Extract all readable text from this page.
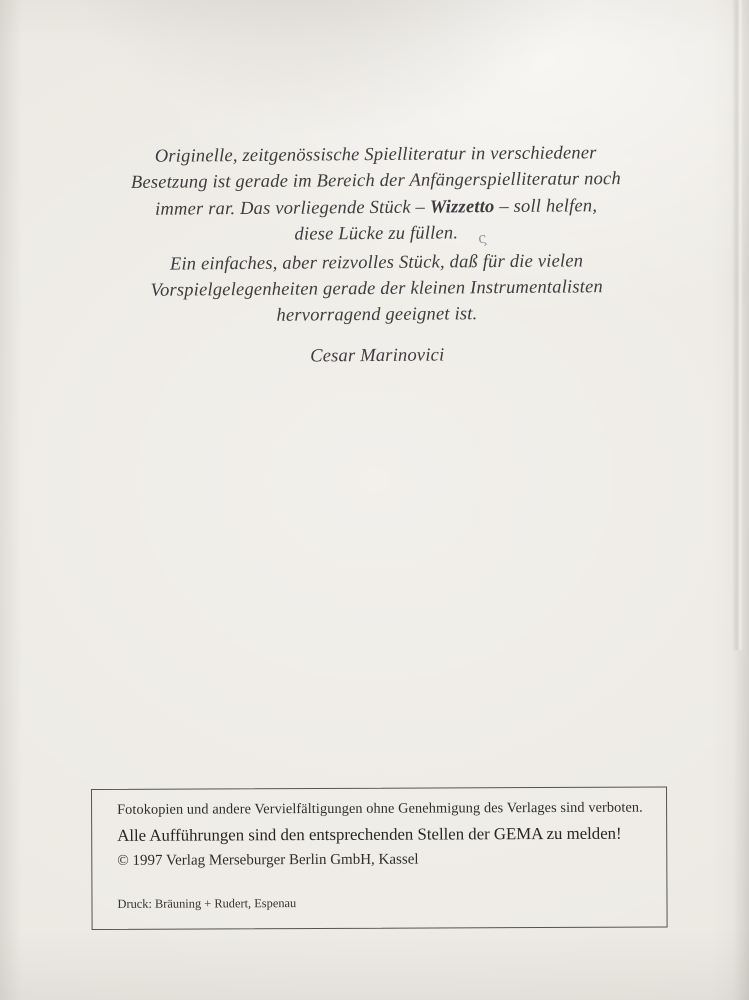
Originelle, zeitgenössische Spielliteratur in verschiedener
Besetzung ist gerade im Bereich der Anfängerspielliteratur noch
immer rar. Das vorliegende Stück – Wizzetto – soll helfen,
diese Lücke zu füllen.
Ein einfaches, aber reizvolles Stück, daß für die vielen
Vorspielgelegenheiten gerade der kleinen Instrumentalisten
hervorragend geeignet ist.
Cesar Marinovici
ς
Fotokopien und andere Vervielfältigungen ohne Genehmigung des Verlages sind verboten.
Alle Aufführungen sind den entsprechenden Stellen der GEMA zu melden!
© 1997 Verlag Merseburger Berlin GmbH, Kassel
Druck: Bräuning + Rudert, Espenau
